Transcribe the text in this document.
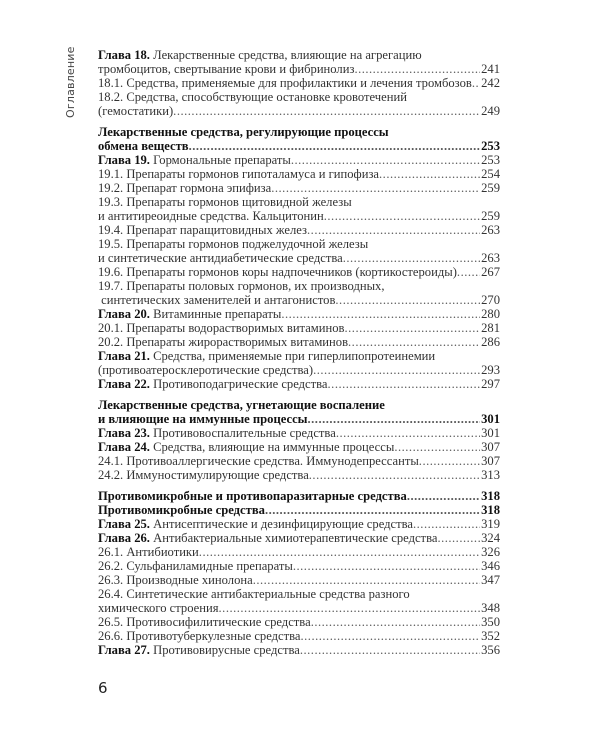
Оглавление Глава 18. Лекарственные средства, влияющие на агрегацию
тромбоцитов, свертывание крови и фибринолиз .....	241
18.1. Средства, применяемые для профилактики и лечения тромбозов ..... 242
18.2. Средства, способствующие остановке кровотечений
(гемостатики) .....	249
Лекарственные средства, регулирующие процессы
обмена веществ .....	253
Глава 19. Гормональные препараты .....	253
19.1. Препараты гормонов гипоталамуса и гипофиза .....	254
19.2. Препарат гормона эпифиза .....	259
19.3. Препараты гормонов щитовидной железы
и антитиреоидные средства. Кальцитонин .....	259
19.4. Препарат паращитовидных желез .....	263
19.5. Препараты гормонов поджелудочной железы
и синтетические антидиабетические средства .....	263
19.6. Препараты гормонов коры надпочечников (кортикостероиды) ..... 267
19.7. Препараты половых гормонов, их производных,
синтетических заменителей и антагонистов .....	270
Глава 20. Витаминные препараты .....	280
20.1. Препараты водорастворимых витаминов .....	281
20.2. Препараты жирорастворимых витаминов .....	286
Глава 21. Средства, применяемые при гиперлипопротеинемии
(противоатеросклеротические средства) .....	293
Глава 22. Противоподагрические средства .....	297
Лекарственные средства, угнетающие воспаление
и влияющие на иммунные процессы .....	301
Глава 23. Противовоспалительные средства .....	301
Глава 24. Средства, влияющие на иммунные процессы .....	307
24.1. Противоаллергические средства. Иммунодепрессанты .....	307
24.2. Иммуностимулирующие средства .....	313
Противомикробные и противопаразитарные средства .....	318
Противомикробные средства .....	318
Глава 25. Антисептические и дезинфицирующие средства .....	319
Глава 26. Антибактериальные химиотерапевтические средства .....	324
26.1. Антибиотики .....	326
26.2. Сульфаниламидные препараты .....	346
26.3. Производные хинолона .....	347
26.4. Синтетические антибактериальные средства разного
химического строения .....	348
26.5. Противосифилитические средства .....	350
26.6. Противотуберкулезные средства .....	352
Глава 27. Противовирусные средства .....	356
6
